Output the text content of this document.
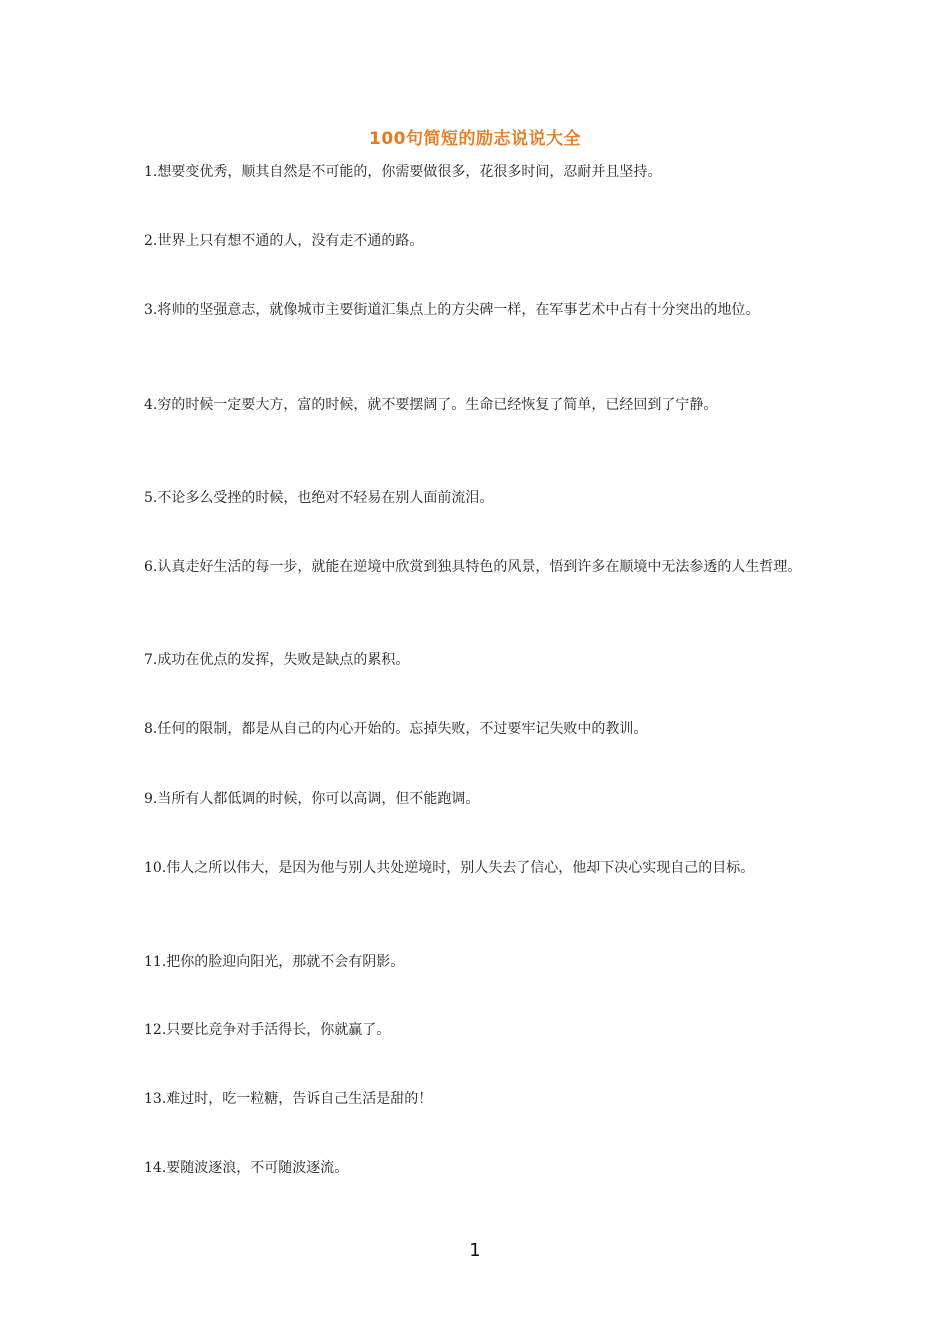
100句简短的励志说说大全

1.想要变优秀，顺其自然是不可能的，你需要做很多，花很多时间，忍耐并且坚持。

2.世界上只有想不通的人，没有走不通的路。

3.将帅的坚强意志，就像城市主要街道汇集点上的方尖碑一样，在军事艺术中占有十分突出的地位。

4.穷的时候一定要大方，富的时候，就不要摆阔了。生命已经恢复了简单，已经回到了宁静。

5.不论多么受挫的时候，也绝对不轻易在别人面前流泪。

6.认真走好生活的每一步，就能在逆境中欣赏到独具特色的风景，悟到许多在顺境中无法参透的人生哲理。

7.成功在优点的发挥，失败是缺点的累积。

8.任何的限制，都是从自己的内心开始的。忘掉失败，不过要牢记失败中的教训。

9.当所有人都低调的时候，你可以高调，但不能跑调。

10.伟人之所以伟大，是因为他与别人共处逆境时，别人失去了信心，他却下决心实现自己的目标。

11.把你的脸迎向阳光，那就不会有阴影。

12.只要比竞争对手活得长，你就赢了。

13.难过时，吃一粒糖，告诉自己生活是甜的！

14.要随波逐浪，不可随波逐流。

1
